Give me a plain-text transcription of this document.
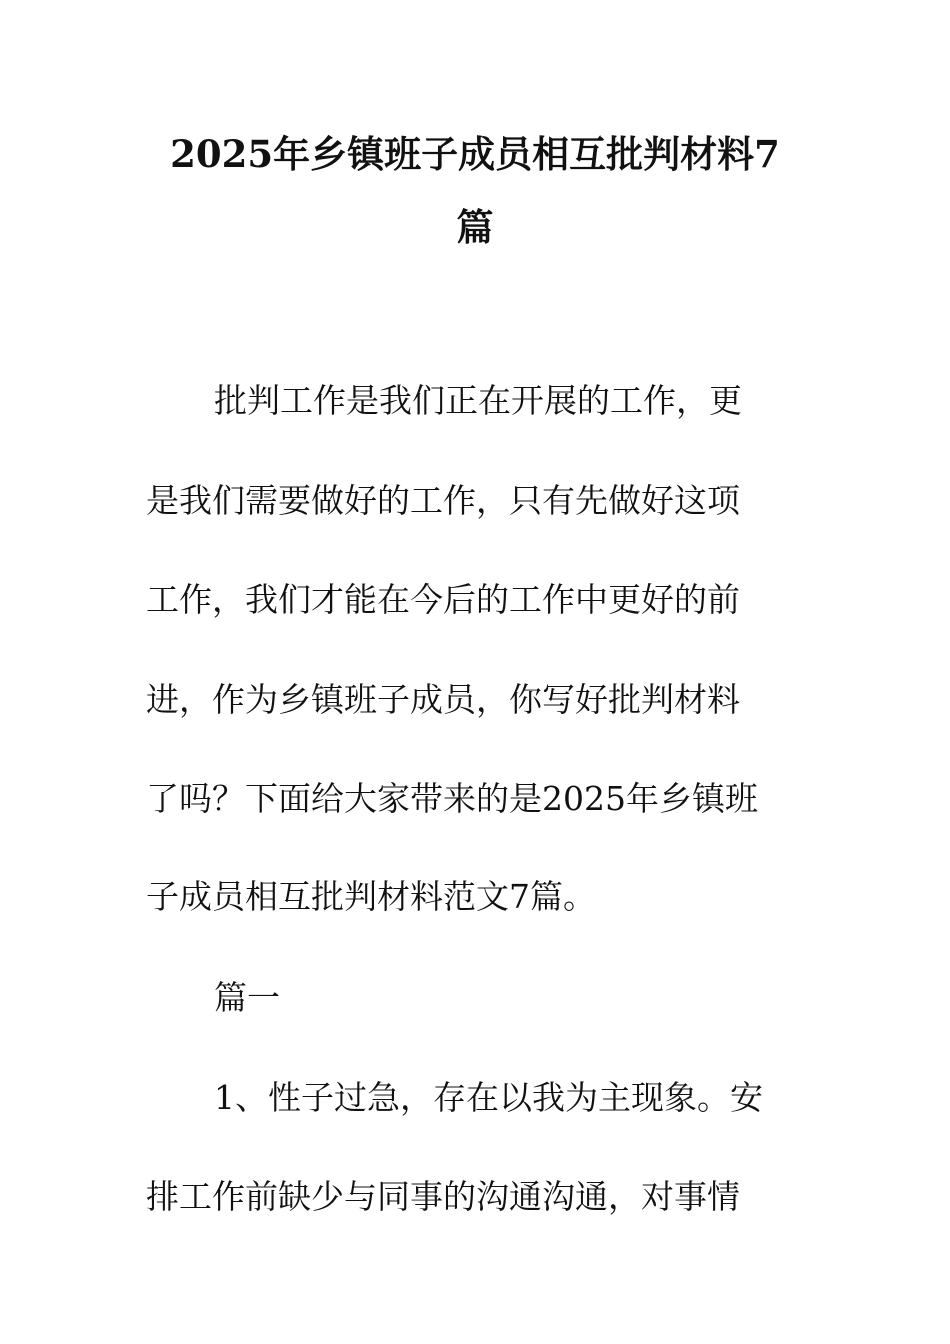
2025年乡镇班子成员相互批判材料7
篇

批判工作是我们正在开展的工作，更

是我们需要做好的工作，只有先做好这项

工作，我们才能在今后的工作中更好的前

进，作为乡镇班子成员，你写好批判材料

了吗？下面给大家带来的是2025年乡镇班

子成员相互批判材料范文7篇。

篇一

1、性子过急，存在以我为主现象。安

排工作前缺少与同事的沟通沟通，对事情
